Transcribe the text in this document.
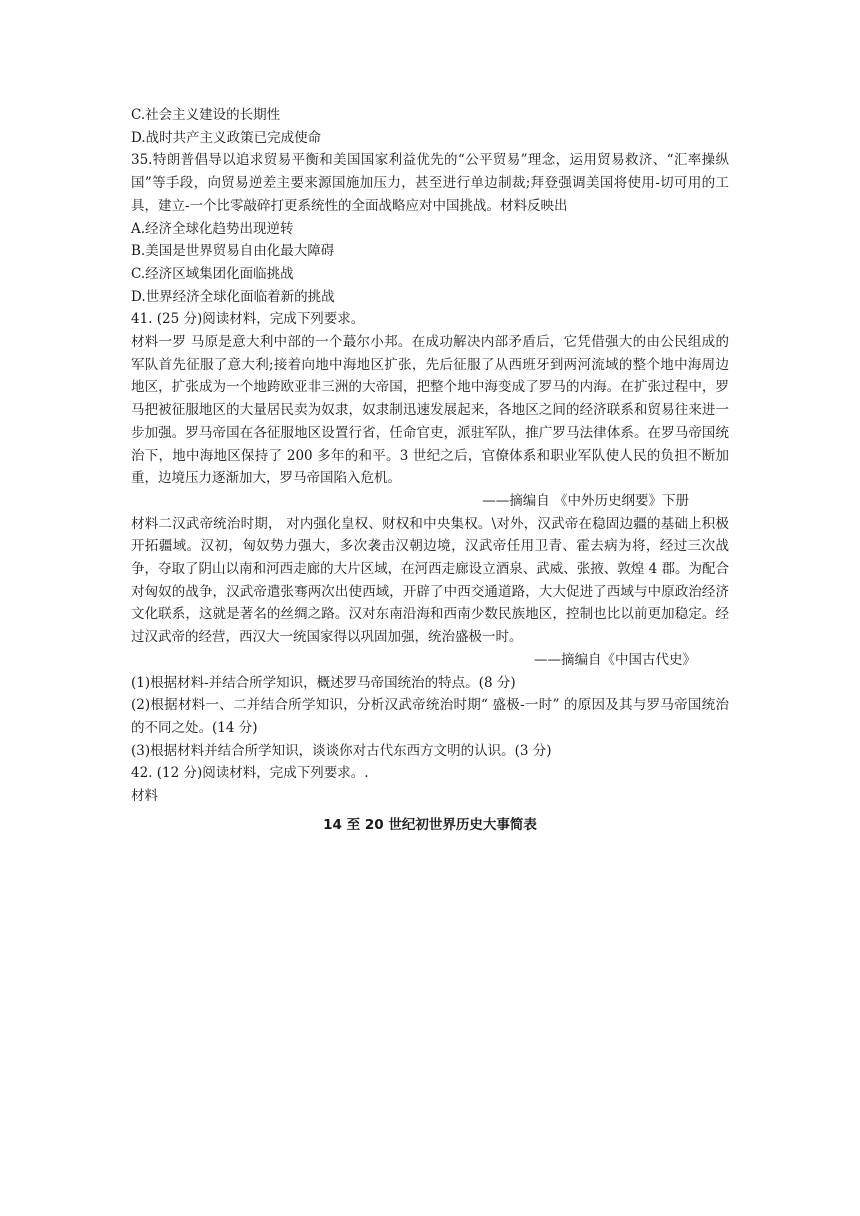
C.社会主义建设的长期性
D.战时共产主义政策已完成使命
35.特朗普倡导以追求贸易平衡和美国国家利益优先的“公平贸易”理念，运用贸易救济、“汇率操纵国”等手段，向贸易逆差主要来源国施加压力，甚至进行单边制裁;拜登强调美国将使用-切可用的工具，建立-一个比零敲碎打更系统性的全面战略应对中国挑战。材料反映出
A.经济全球化趋势出现逆转
B.美国是世界贸易自由化最大障碍
C.经济区域集团化面临挑战
D.世界经济全球化面临着新的挑战
41. (25 分)阅读材料，完成下列要求。
材料一罗 马原是意大利中部的一个蕞尔小邦。在成功解决内部矛盾后，它凭借强大的由公民组成的军队首先征服了意大利;接着向地中海地区扩张，先后征服了从西班牙到两河流域的整个地中海周边地区，扩张成为一个地跨欧亚非三洲的大帝国，把整个地中海变成了罗马的内海。在扩张过程中，罗马把被征服地区的大量居民卖为奴隶，奴隶制迅速发展起来，各地区之间的经济联系和贸易往来进一步加强。罗马帝国在各征服地区设置行省，任命官吏，派驻军队，推广罗马法律体系。在罗马帝国统治下，地中海地区保持了 200 多年的和平。3 世纪之后，官僚体系和职业军队使人民的负担不断加重，边境压力逐渐加大，罗马帝国陷入危机。
——摘编自 《中外历史纲要》下册
材料二汉武帝统治时期， 对内强化皇权、财权和中央集权。\对外，汉武帝在稳固边疆的基础上积极开拓疆域。汉初，匈奴势力强大，多次袭击汉朝边境，汉武帝任用卫青、霍去病为将，经过三次战争，夺取了阴山以南和河西走廊的大片区域，在河西走廊设立酒泉、武威、张掖、敦煌 4 郡。为配合对匈奴的战争，汉武帝遣张骞两次出使西域，开辟了中西交通道路，大大促进了西域与中原政治经济文化联系，这就是著名的丝绸之路。汉对东南沿海和西南少数民族地区，控制也比以前更加稳定。经过汉武帝的经营，西汉大一统国家得以巩固加强，统治盛极一时。
——摘编自《中国古代史》
(1)根据材料-并结合所学知识，概述罗马帝国统治的特点。(8 分)
(2)根据材料一、二并结合所学知识，分析汉武帝统治时期“ 盛极-一时” 的原因及其与罗马帝国统治的不同之处。(14 分)
(3)根据材料并结合所学知识，谈谈你对古代东西方文明的认识。(3 分)
42. (12 分)阅读材料，完成下列要求。.
材料
14 至 20 世纪初世界历史大事简表
